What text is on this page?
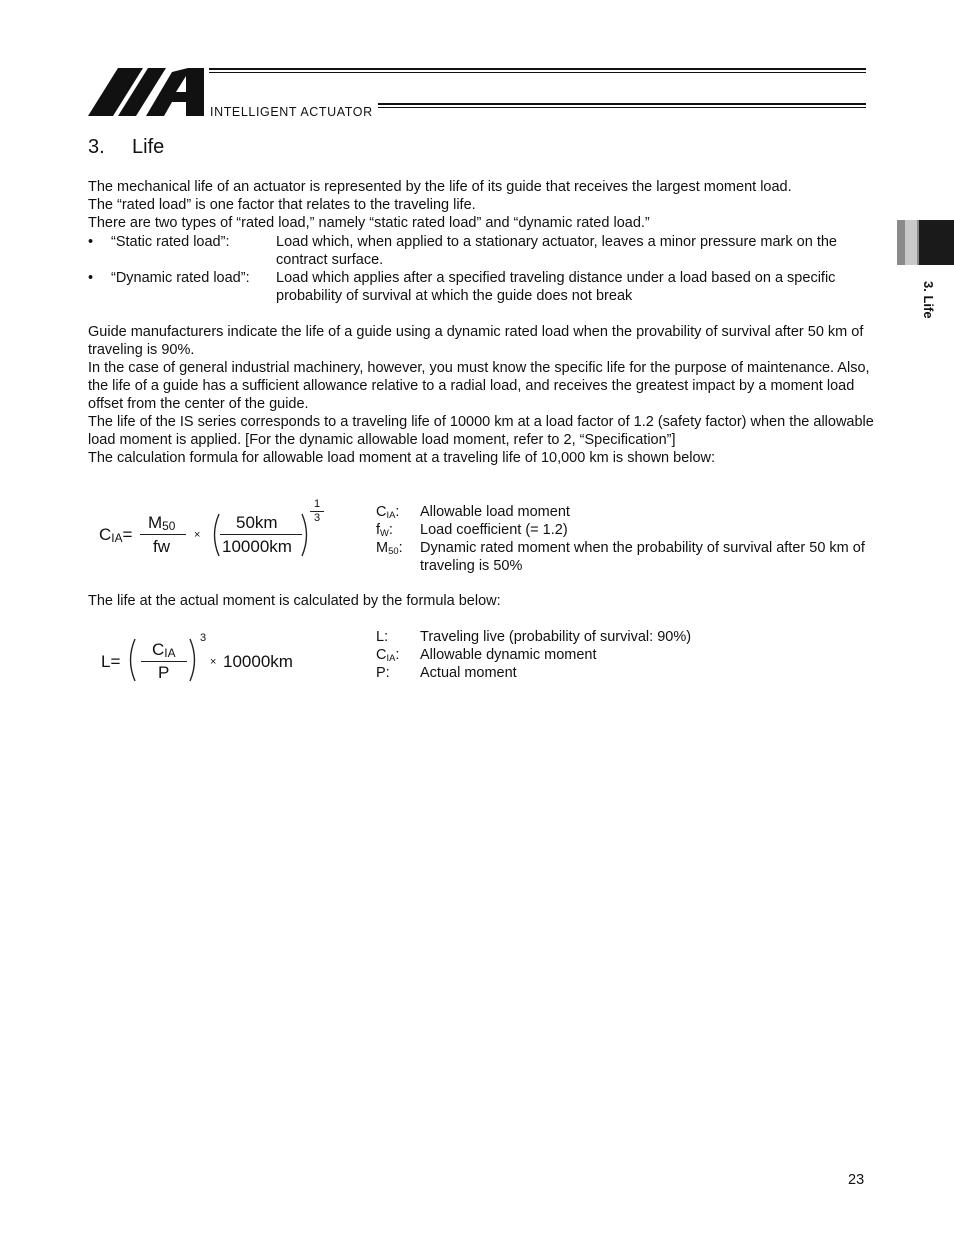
INTELLIGENT ACTUATOR
3. Life
3. Life

The mechanical life of an actuator is represented by the life of its guide that receives the largest moment load.

The “rated load” is one factor that relates to the traveling life.

There are two types of “rated load,” namely “static rated load” and “dynamic rated load.”

• “Static rated load”:	Load which, when applied to a stationary actuator, leaves a minor pressure mark on the contract surface.
• “Dynamic rated load”: Load which applies after a specified traveling distance under a load based on a specific probability of survival at which the guide does not break

Guide manufacturers indicate the life of a guide using a dynamic rated load when the provability of survival after 50 km of traveling is 90%.

In the case of general industrial machinery, however, you must know the specific life for the purpose of maintenance. Also, the life of a guide has a sufficient allowance relative to a radial load, and receives the greatest impact by a moment load offset from the center of the guide.

The life of the IS series corresponds to a traveling life of 10000 km at a load factor of 1.2 (safety factor) when the allowable load moment is applied. [For the dynamic allowable load moment, refer to 2, “Specification”]

The calculation formula for allowable load moment at a traveling life of 10,000 km is shown below:

CIA=
M50
fw
×
50km
10000km
1
3	$C_{IA}$: Allowable load moment
$f_W$: Load coefficient (= 1.2)
$M_{50}$: Dynamic rated moment when the probability of survival after 50 km of traveling is 50%
The life at the actual moment is calculated by the formula below:
L=
CIA
P
3
× 10000km
L: Traveling live (probability of survival: 90%)
$C_{IA}$: Allowable dynamic moment
P: Actual moment
23
